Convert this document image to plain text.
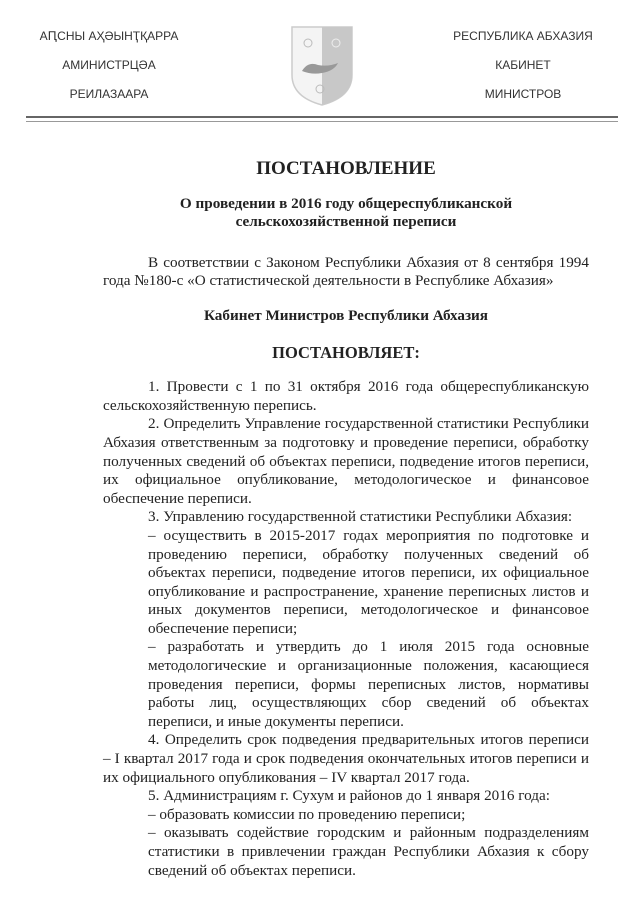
АԤСНЫ АҲӘЫНҬҚАРРА
АМИНИСТРЦӘА
РЕИЛАЗААРА
РЕСПУБЛИКА АБХАЗИЯ
КАБИНЕТ
МИНИСТРОВ
ПОСТАНОВЛЕНИЕ
О проведении в 2016 году общереспубликанской сельскохозяйственной переписи

В соответствии с Законом Республики Абхазия от 8 сентября 1994 года №180-с «О статистической деятельности в Республике Абхазия»

Кабинет Министров Республики Абхазия
ПОСТАНОВЛЯЕТ:

1. Провести с 1 по 31 октября 2016 года общереспубликанскую сельскохозяйственную перепись.

2. Определить Управление государственной статистики Республики Абхазия ответственным за подготовку и проведение переписи, обработку полученных сведений об объектах переписи, подведение итогов переписи, их официальное опубликование, методологическое и финансовое обеспечение переписи.

3. Управлению государственной статистики Республики Абхазия:

– осуществить в 2015-2017 годах мероприятия по подготовке и проведению переписи, обработку полученных сведений об объектах переписи, подведение итогов переписи, их официальное опубликование и распространение, хранение переписных листов и иных документов переписи, методологическое и финансовое обеспечение переписи;

– разработать и утвердить до 1 июля 2015 года основные методологические и организационные положения, касающиеся проведения переписи, формы переписных листов, нормативы работы лиц, осуществляющих сбор сведений об объектах переписи, и иные документы переписи.

4. Определить срок подведения предварительных итогов переписи – I квартал 2017 года и срок подведения окончательных итогов переписи и их официального опубликования – IV квартал 2017 года.

5. Администрациям г. Сухум и районов до 1 января 2016 года:

– образовать комиссии по проведению переписи;

– оказывать содействие городским и районным подразделениям статистики в привлечении граждан Республики Абхазия к сбору сведений об объектах переписи.
